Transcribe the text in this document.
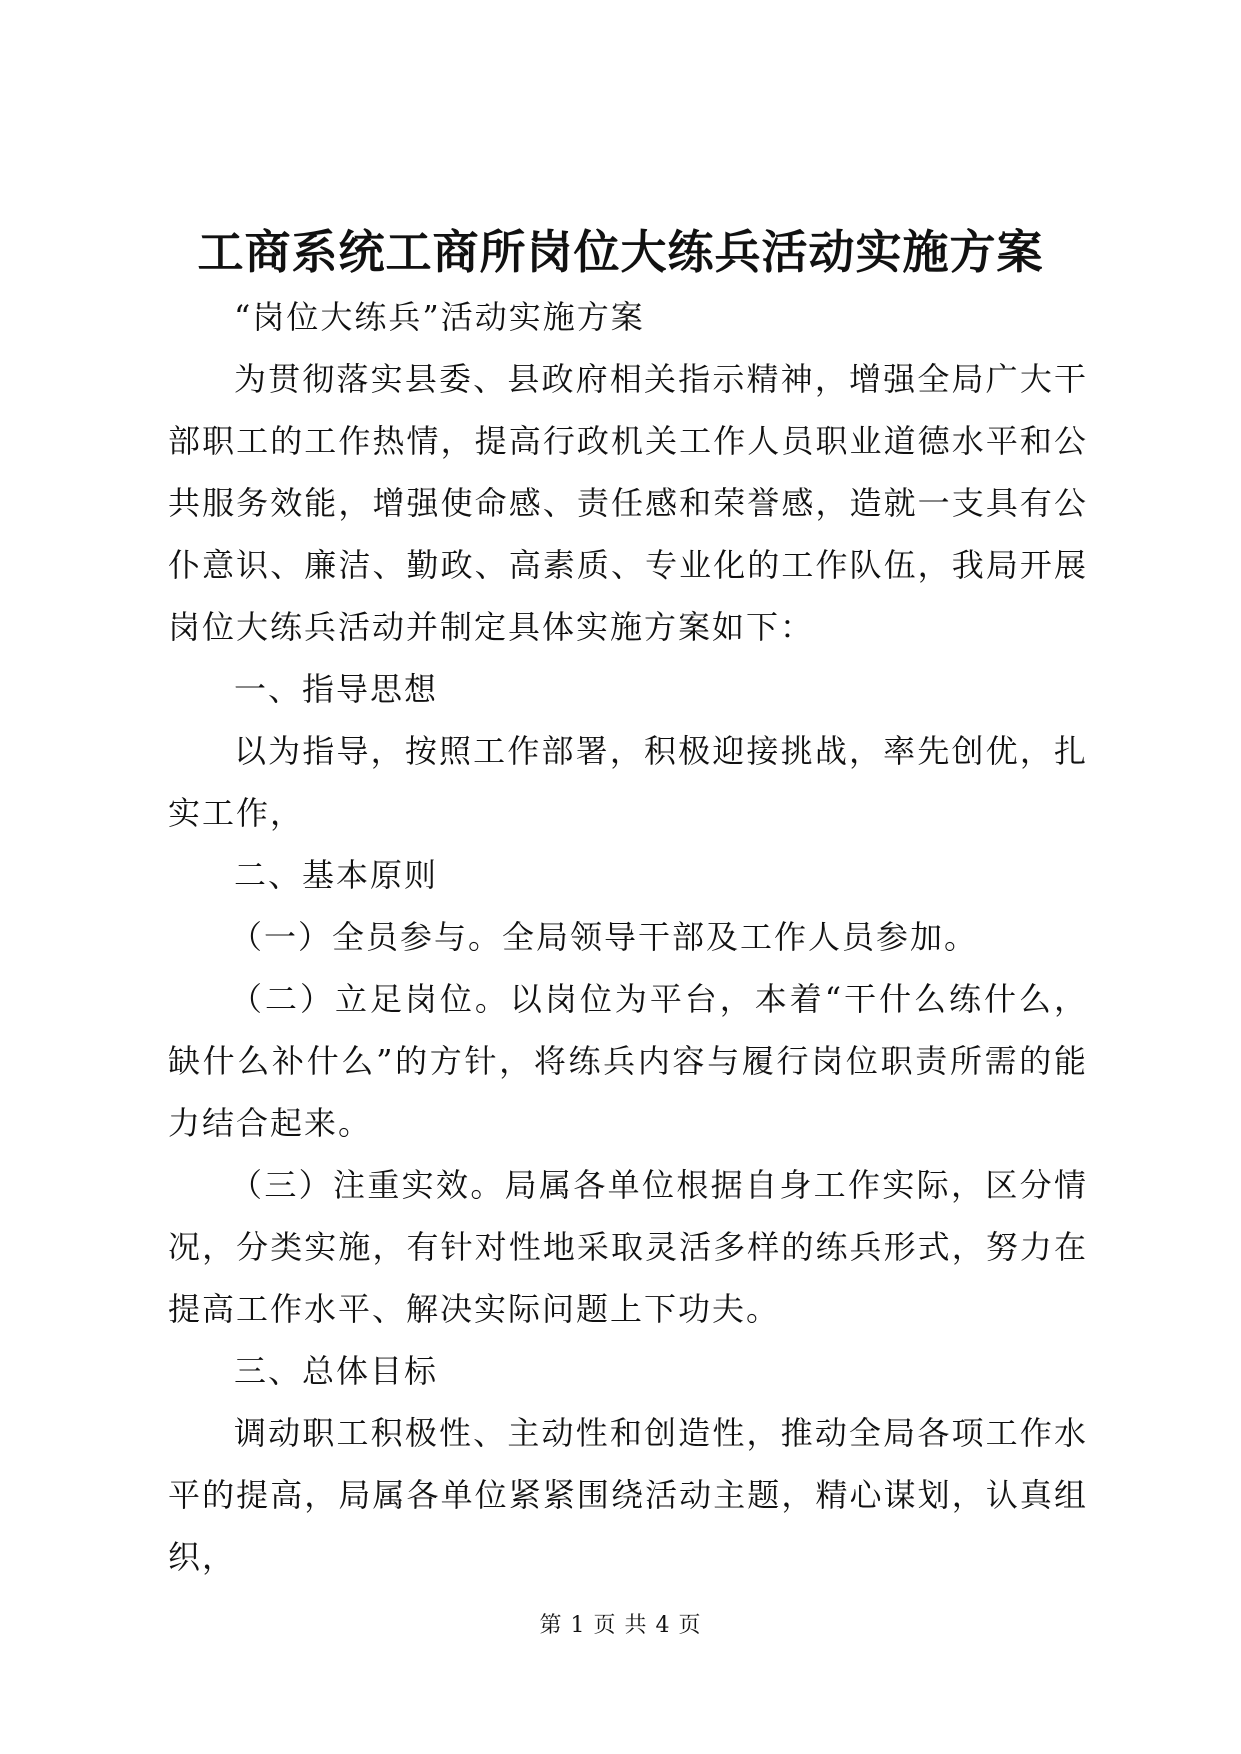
工商系统工商所岗位大练兵活动实施方案

“岗位大练兵”活动实施方案

为贯彻落实县委、县政府相关指示精神，增强全局广大干部职工的工作热情，提高行政机关工作人员职业道德水平和公共服务效能，增强使命感、责任感和荣誉感，造就一支具有公仆意识、廉洁、勤政、高素质、专业化的工作队伍，我局开展岗位大练兵活动并制定具体实施方案如下：

一、指导思想

以为指导，按照工作部署，积极迎接挑战，率先创优，扎实工作，

二、基本原则

（一）全员参与。全局领导干部及工作人员参加。

（二）立足岗位。以岗位为平台，本着“干什么练什么，缺什么补什么”的方针，将练兵内容与履行岗位职责所需的能力结合起来。

（三）注重实效。局属各单位根据自身工作实际，区分情况，分类实施，有针对性地采取灵活多样的练兵形式，努力在提高工作水平、解决实际问题上下功夫。

三、总体目标

调动职工积极性、主动性和创造性，推动全局各项工作水平的提高，局属各单位紧紧围绕活动主题，精心谋划，认真组织，

第 1 页 共 4 页
